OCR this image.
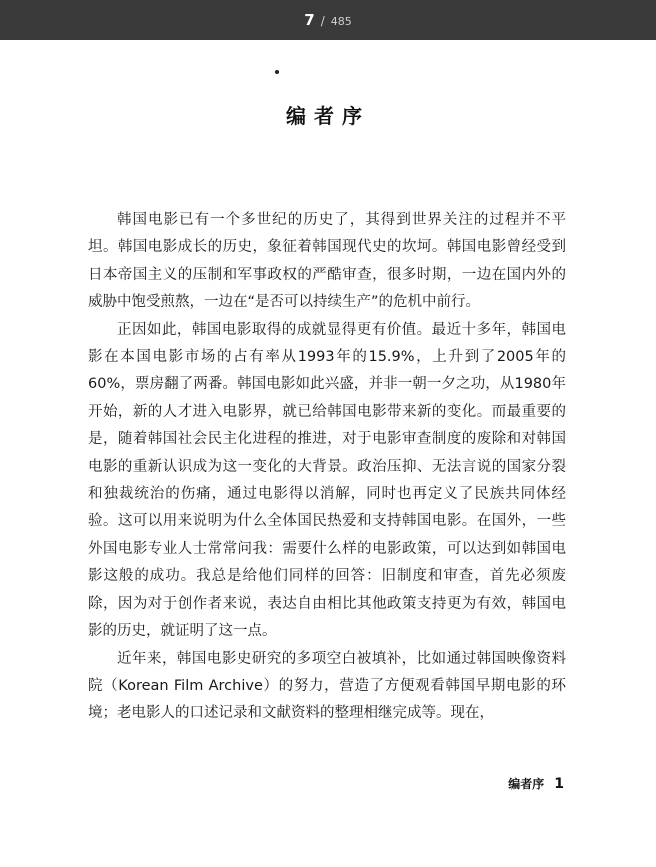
7 / 485
编者序

韩国电影已有一个多世纪的历史了，其得到世界关注的过程并不平坦。韩国电影成长的历史，象征着韩国现代史的坎坷。韩国电影曾经受到日本帝国主义的压制和军事政权的严酷审查，很多时期，一边在国内外的威胁中饱受煎熬，一边在“是否可以持续生产”的危机中前行。

正因如此，韩国电影取得的成就显得更有价值。最近十多年，韩国电影在本国电影市场的占有率从1993年的15.9%，上升到了2005年的60%，票房翻了两番。韩国电影如此兴盛，并非一朝一夕之功，从1980年开始，新的人才进入电影界，就已给韩国电影带来新的变化。而最重要的是，随着韩国社会民主化进程的推进，对于电影审查制度的废除和对韩国电影的重新认识成为这一变化的大背景。政治压抑、无法言说的国家分裂和独裁统治的伤痛，通过电影得以消解，同时也再定义了民族共同体经验。这可以用来说明为什么全体国民热爱和支持韩国电影。在国外，一些外国电影专业人士常常问我：需要什么样的电影政策，可以达到如韩国电影这般的成功。我总是给他们同样的回答：旧制度和审查，首先必须废除，因为对于创作者来说，表达自由相比其他政策支持更为有效，韩国电影的历史，就证明了这一点。

近年来，韩国电影史研究的多项空白被填补，比如通过韩国映像资料院（Korean Film Archive）的努力，营造了方便观看韩国早期电影的环境；老电影人的口述记录和文献资料的整理相继完成等。现在，

编者序 1
